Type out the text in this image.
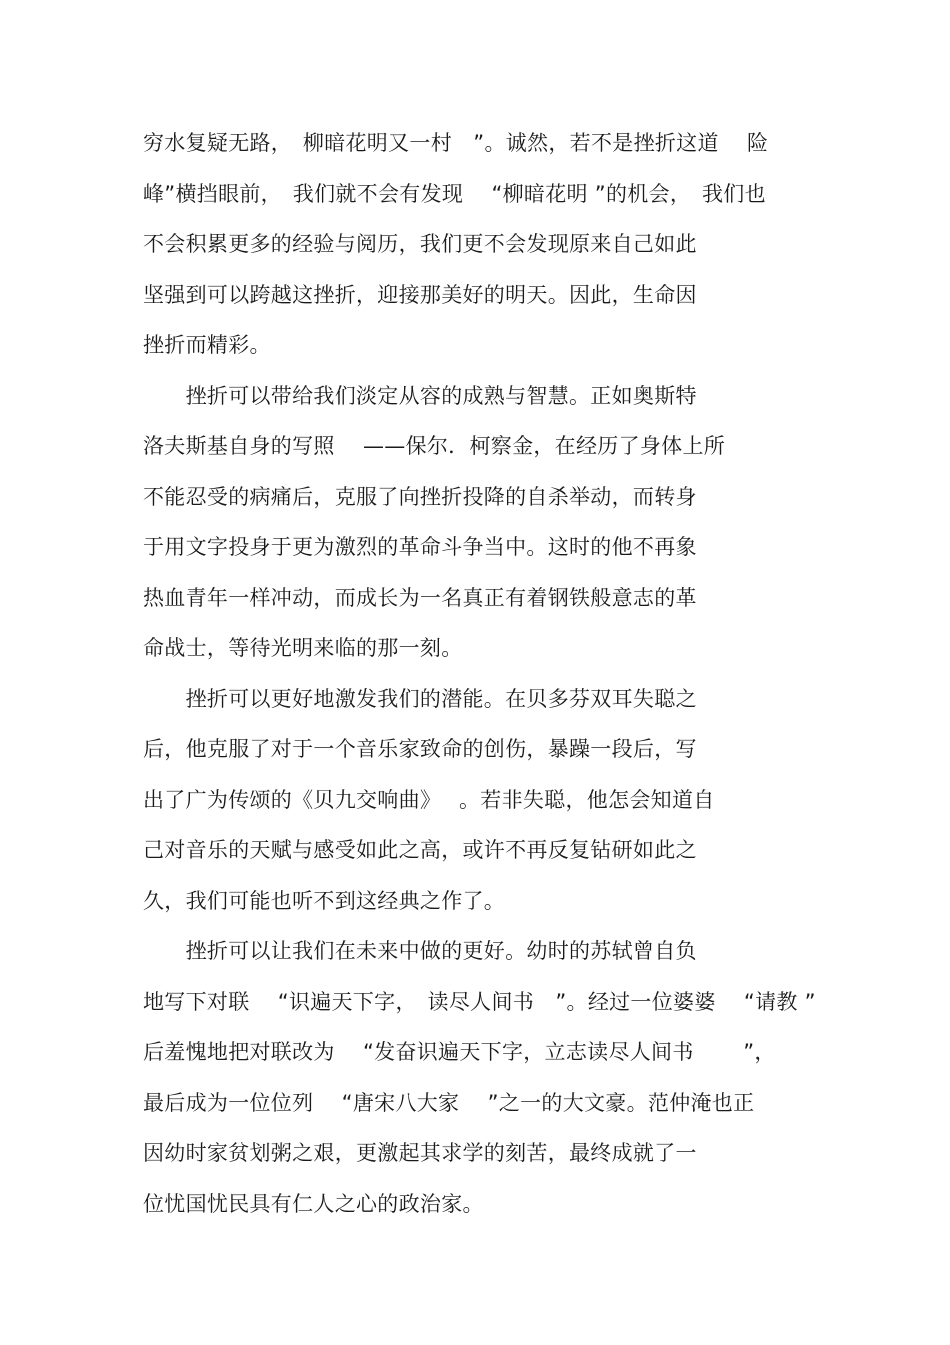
穷水复疑无路，　柳暗花明又一村　”。诚然，若不是挫折这道　 险
峰”横挡眼前，　我们就不会有发现　 “柳暗花明 ”的机会，　我们也
不会积累更多的经验与阅历，我们更不会发现原来自己如此
坚强到可以跨越这挫折，迎接那美好的明天。因此，生命因
挫折而精彩。
　　挫折可以带给我们淡定从容的成熟与智慧。正如奥斯特
洛夫斯基自身的写照　 ——保尔．柯察金，在经历了身体上所
不能忍受的病痛后，克服了向挫折投降的自杀举动，而转身
于用文字投身于更为激烈的革命斗争当中。这时的他不再象
热血青年一样冲动，而成长为一名真正有着钢铁般意志的革
命战士，等待光明来临的那一刻。
　　挫折可以更好地激发我们的潜能。在贝多芬双耳失聪之
后，他克服了对于一个音乐家致命的创伤，暴躁一段后，写
出了广为传颂的《贝九交响曲》　 。若非失聪，他怎会知道自
己对音乐的天赋与感受如此之高，或许不再反复钻研如此之
久，我们可能也听不到这经典之作了。
　　挫折可以让我们在未来中做的更好。幼时的苏轼曾自负
地写下对联　 “识遍天下字，　读尽人间书　”。经过一位婆婆　 “请教 ”
后羞愧地把对联改为　 “发奋识遍天下字，立志读尽人间书　　 ”，
最后成为一位位列　 “唐宋八大家　 ”之一的大文豪。范仲淹也正
因幼时家贫划粥之艰，更激起其求学的刻苦，最终成就了一
位忧国忧民具有仁人之心的政治家。
